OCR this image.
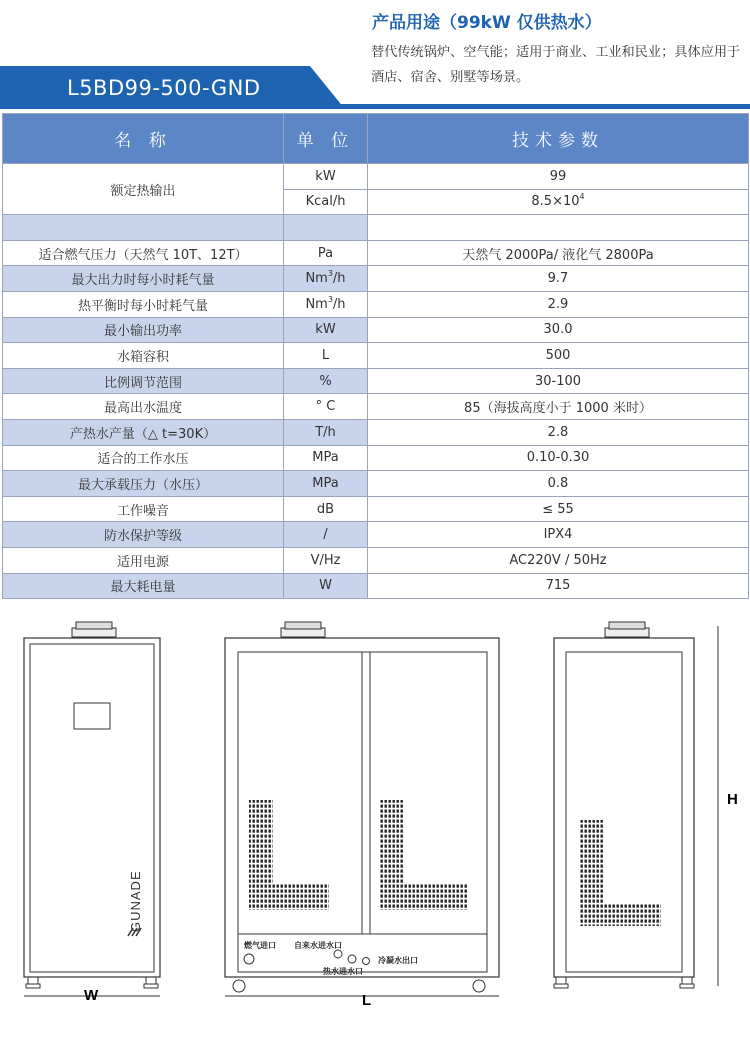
L5BD99-500-GND
产品用途（99kW 仅供热水）
替代传统锅炉、空气能；适用于商业、工业和民业；具体应用于酒店、宿舍、别墅等场景。
名 称	单 位	技术参数
额定热输出	kW	99
	Kcal/h	$8.5\times 10^4$

适合燃气压力（天然气 10T、12T）	Pa	天然气 2000Pa/ 液化气 2800Pa
最大出力时每小时耗气量	Nm$^3$/h	9.7
热平衡时每小时耗气量	Nm$^3$/h	2.9
最小输出功率	kW	30.0
水箱容积	L	500
比例调节范围	%	30-100
最高出水温度	° C	85（海拔高度小于 1000 米时）
产热水产量（△ t=30K）	T/h	2.8
适合的工作水压	MPa	0.10-0.30
最大承载压力（水压）	MPa	0.8
工作噪音	dB	≤ 55
防水保护等级	/	IPX4
适用电源	V/Hz	AC220V / 50Hz
最大耗电量	W	715
GUNADE
W
燃气进口 自来水进水口
冷凝水出口
热水进水口
L
H
